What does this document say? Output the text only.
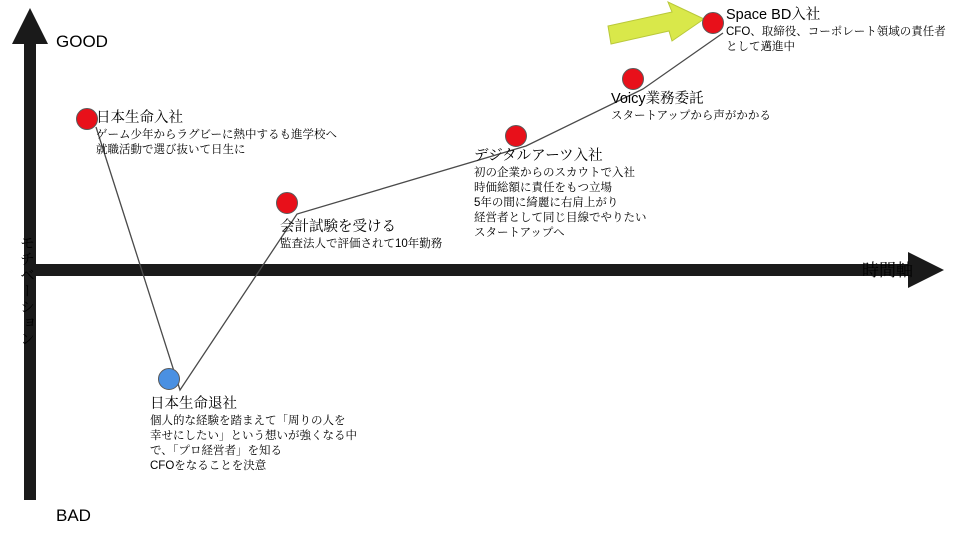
GOOD
BAD
時間軸
モチベーション
日本生命入社
ゲーム少年からラグビーに熱中するも進学校へ
就職活動で選び抜いて日生に
日本生命退社
個人的な経験を踏まえて「周りの人を
幸せにしたい」という想いが強くなる中
で、「プロ経営者」を知る
CFOをなることを決意
会計試験を受ける
監査法人で評価されて10年勤務
デジタルアーツ入社
初の企業からのスカウトで入社
時価総額に責任をもつ立場
5年の間に綺麗に右肩上がり
経営者として同じ目線でやりたい
スタートアップへ
Voicy業務委託
スタートアップから声がかかる
Space BD入社
CFO、取締役、コーポレート領域の責任者
として邁進中
